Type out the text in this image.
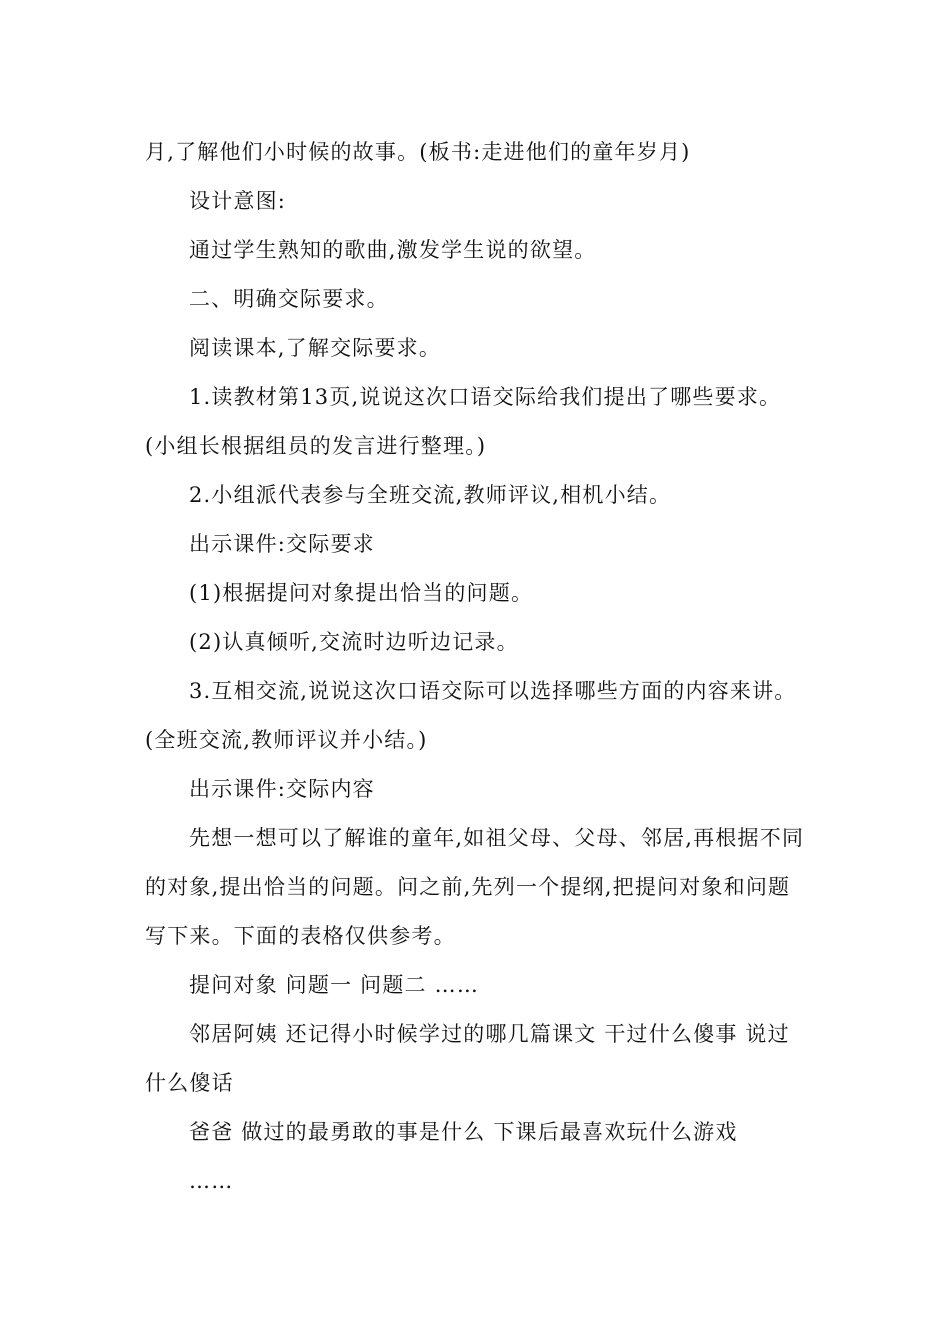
月,了解他们小时候的故事。(板书:走进他们的童年岁月)

设计意图:

通过学生熟知的歌曲,激发学生说的欲望。

二、明确交际要求。

阅读课本,了解交际要求。

1.读教材第13页,说说这次口语交际给我们提出了哪些要求。

(小组长根据组员的发言进行整理。)

2.小组派代表参与全班交流,教师评议,相机小结。

出示课件:交际要求

(1)根据提问对象提出恰当的问题。

(2)认真倾听,交流时边听边记录。

3.互相交流,说说这次口语交际可以选择哪些方面的内容来讲。

(全班交流,教师评议并小结。)

出示课件:交际内容

先想一想可以了解谁的童年,如祖父母、父母、邻居,再根据不同的对象,提出恰当的问题。问之前,先列一个提纲,把提问对象和问题写下来。下面的表格仅供参考。

提问对象 问题一 问题二 ……

邻居阿姨 还记得小时候学过的哪几篇课文 干过什么傻事 说过什么傻话

爸爸 做过的最勇敢的事是什么 下课后最喜欢玩什么游戏

……
